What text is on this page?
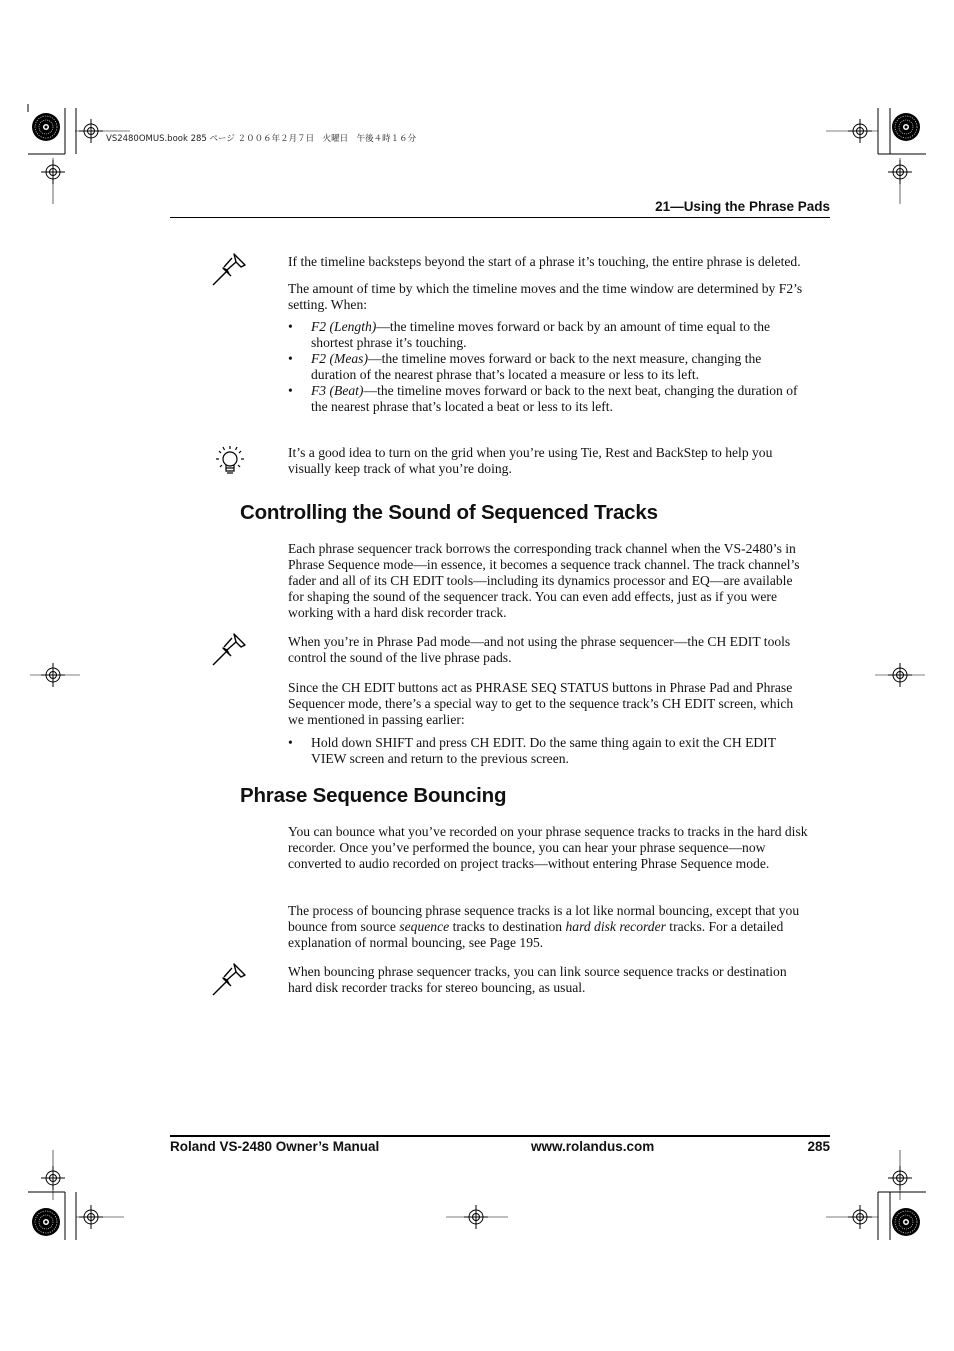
VS2480OMUS.book 285 ページ ２００６年２月７日　火曜日　午後４時１６分
21—Using the Phrase Pads

If the timeline backsteps beyond the start of a phrase it’s touching, the entire phrase is deleted.

The amount of time by which the timeline moves and the time window are determined by F2’s setting. When:

• F2 (Length)—the timeline moves forward or back by an amount of time equal to the shortest phrase it’s touching.
• F2 (Meas)—the timeline moves forward or back to the next measure, changing the duration of the nearest phrase that’s located a measure or less to its left.
• F3 (Beat)—the timeline moves forward or back to the next beat, changing the duration of the nearest phrase that’s located a beat or less to its left.
It’s a good idea to turn on the grid when you’re using Tie, Rest and BackStep to help you visually keep track of what you’re doing.
Controlling the Sound of Sequenced Tracks
Each phrase sequencer track borrows the corresponding track channel when the VS-2480’s in Phrase Sequence mode—in essence, it becomes a sequence track channel. The track channel’s fader and all of its CH EDIT tools—including its dynamics processor and EQ—are available for shaping the sound of the sequencer track. You can even add effects, just as if you were working with a hard disk recorder track.
When you’re in Phrase Pad mode—and not using the phrase sequencer—the CH EDIT tools control the sound of the live phrase pads.
Since the CH EDIT buttons act as PHRASE SEQ STATUS buttons in Phrase Pad and Phrase Sequencer mode, there’s a special way to get to the sequence track’s CH EDIT screen, which we mentioned in passing earlier:
• Hold down SHIFT and press CH EDIT. Do the same thing again to exit the CH EDIT VIEW screen and return to the previous screen.
Phrase Sequence Bouncing
You can bounce what you’ve recorded on your phrase sequence tracks to tracks in the hard disk recorder. Once you’ve performed the bounce, you can hear your phrase sequence—now converted to audio recorded on project tracks—without entering Phrase Sequence mode.
The process of bouncing phrase sequence tracks is a lot like normal bouncing, except that you bounce from source sequence tracks to destination hard disk recorder tracks. For a detailed explanation of normal bouncing, see Page 195.
When bouncing phrase sequencer tracks, you can link source sequence tracks or destination hard disk recorder tracks for stereo bouncing, as usual.
Roland VS-2480 Owner’s Manual	www.rolandus.com	285
